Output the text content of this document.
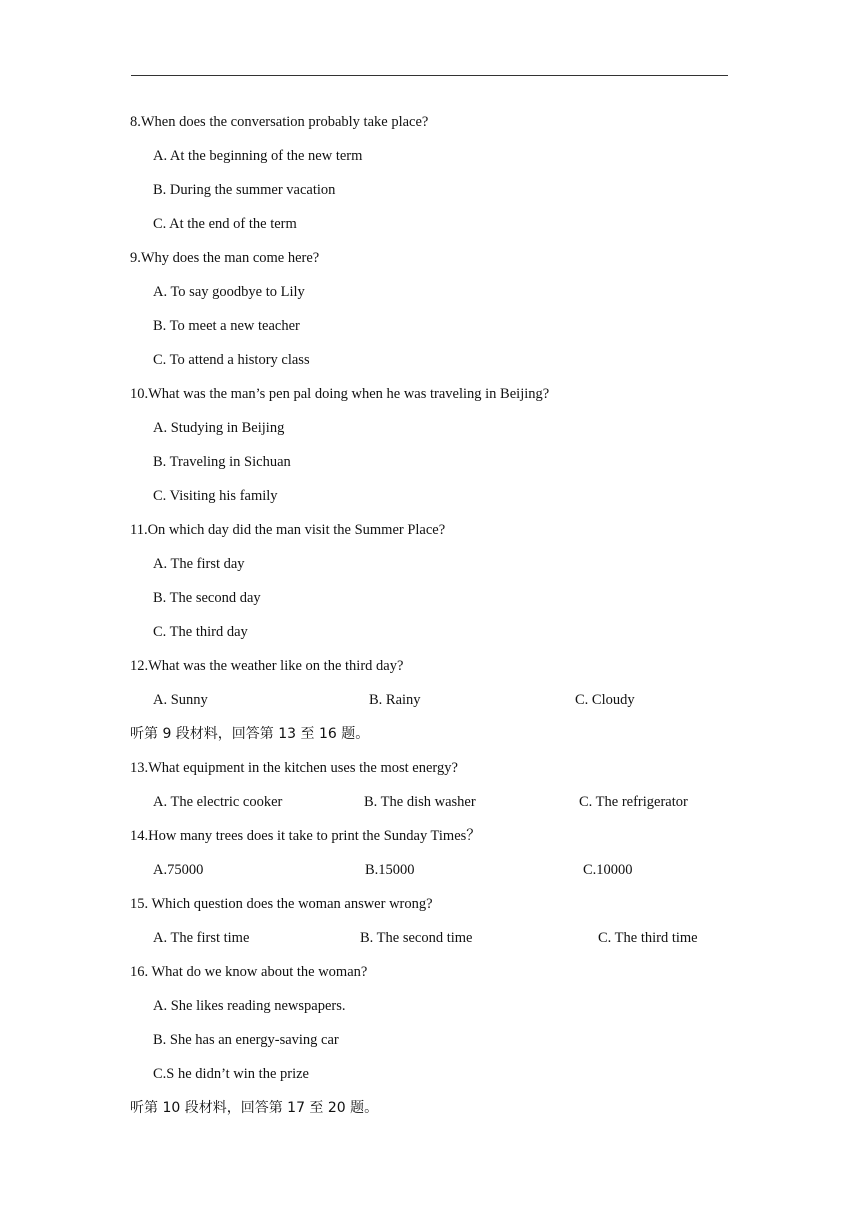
8.When does the conversation probably take place?
A. At the beginning of the new term
B. During the summer vacation
C. At the end of the term
9.Why does the man come here?
A. To say goodbye to Lily
B. To meet a new teacher
C. To attend a history class
10.What was the man’s pen pal doing when he was traveling in Beijing?
A. Studying in Beijing
B. Traveling in Sichuan
C. Visiting his family
11.On which day did the man visit the Summer Place?
A. The first day
B. The second day
C. The third day
12.What was the weather like on the third day?
A. Sunny	B. Rainy	C. Cloudy
听第 9 段材料，回答第 13 至 16 题。
13.What equipment in the kitchen uses the most energy?
A. The electric cooker	B. The dish washer	C. The refrigerator
14.How many trees does it take to print the Sunday Times？
A.75000	B.15000	C.10000
15. Which question does the woman answer wrong?
A. The first time	B. The second time	C. The third time
16. What do we know about the woman?
A. She likes reading newspapers.
B. She has an energy-saving car
C.S he didn’t win the prize
听第 10 段材料，回答第 17 至 20 题。
